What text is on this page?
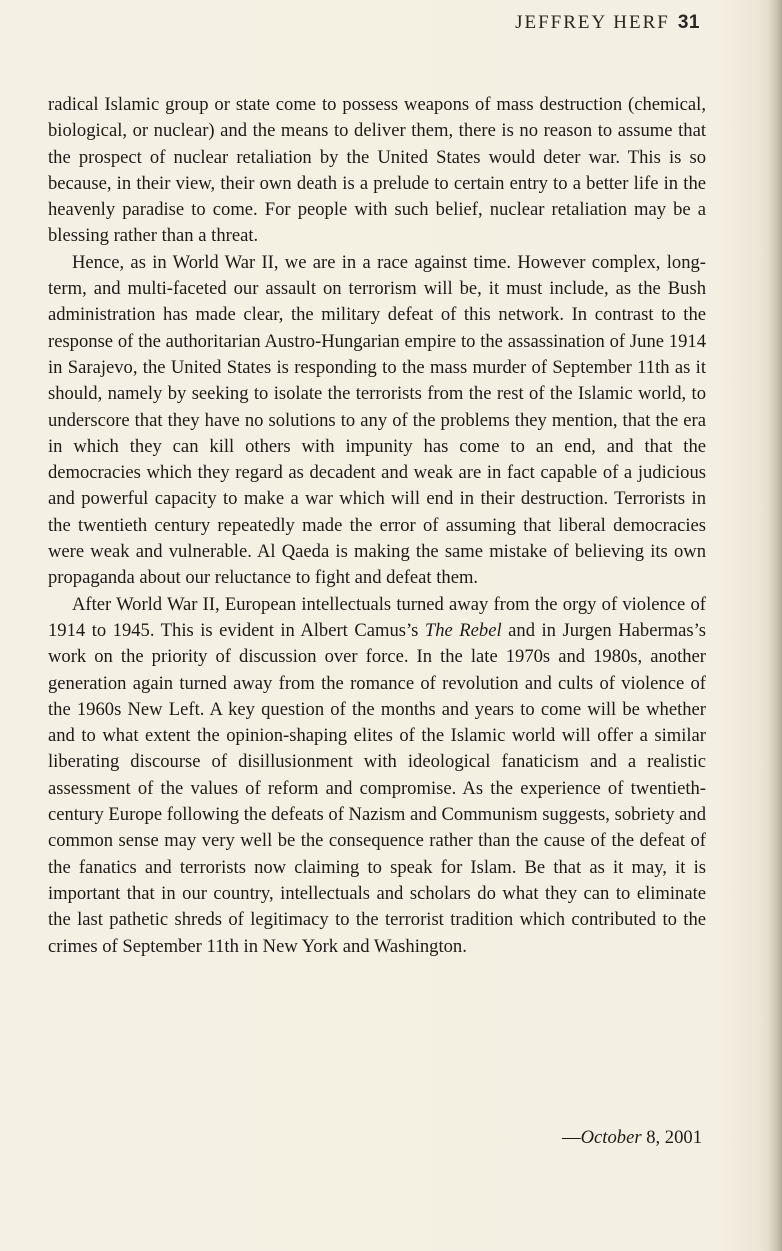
JEFFREY HERF 31

radical Islamic group or state come to possess weapons of mass destruction (chemical, biological, or nuclear) and the means to deliver them, there is no reason to assume that the prospect of nuclear retaliation by the United States would deter war. This is so because, in their view, their own death is a prelude to certain entry to a better life in the heavenly paradise to come. For people with such belief, nuclear retaliation may be a blessing rather than a threat.

Hence, as in World War II, we are in a race against time. However complex, long-term, and multi-faceted our assault on terrorism will be, it must include, as the Bush administration has made clear, the military defeat of this network. In contrast to the response of the authoritarian Austro-Hungarian empire to the assassination of June 1914 in Sarajevo, the United States is responding to the mass murder of September 11th as it should, namely by seeking to isolate the terrorists from the rest of the Islamic world, to underscore that they have no solutions to any of the problems they mention, that the era in which they can kill others with impunity has come to an end, and that the democracies which they regard as decadent and weak are in fact capable of a judicious and powerful capacity to make a war which will end in their destruction. Terrorists in the twentieth century repeatedly made the error of assuming that liberal democracies were weak and vulnerable. Al Qaeda is making the same mistake of believing its own propaganda about our reluctance to fight and defeat them.

After World War II, European intellectuals turned away from the orgy of violence of 1914 to 1945. This is evident in Albert Camus’s The Rebel and in Jurgen Habermas’s work on the priority of discussion over force. In the late 1970s and 1980s, another generation again turned away from the romance of revolution and cults of violence of the 1960s New Left. A key question of the months and years to come will be whether and to what extent the opinion-shaping elites of the Islamic world will offer a similar liberating discourse of disillusionment with ideological fanaticism and a realistic assessment of the values of reform and compromise. As the experience of twentieth-century Europe following the defeats of Nazism and Communism suggests, sobriety and common sense may very well be the consequence rather than the cause of the defeat of the fanatics and terrorists now claiming to speak for Islam. Be that as it may, it is important that in our country, intellectuals and scholars do what they can to eliminate the last pathetic shreds of legitimacy to the terrorist tradition which contributed to the crimes of September 11th in New York and Washington.

—October 8, 2001
